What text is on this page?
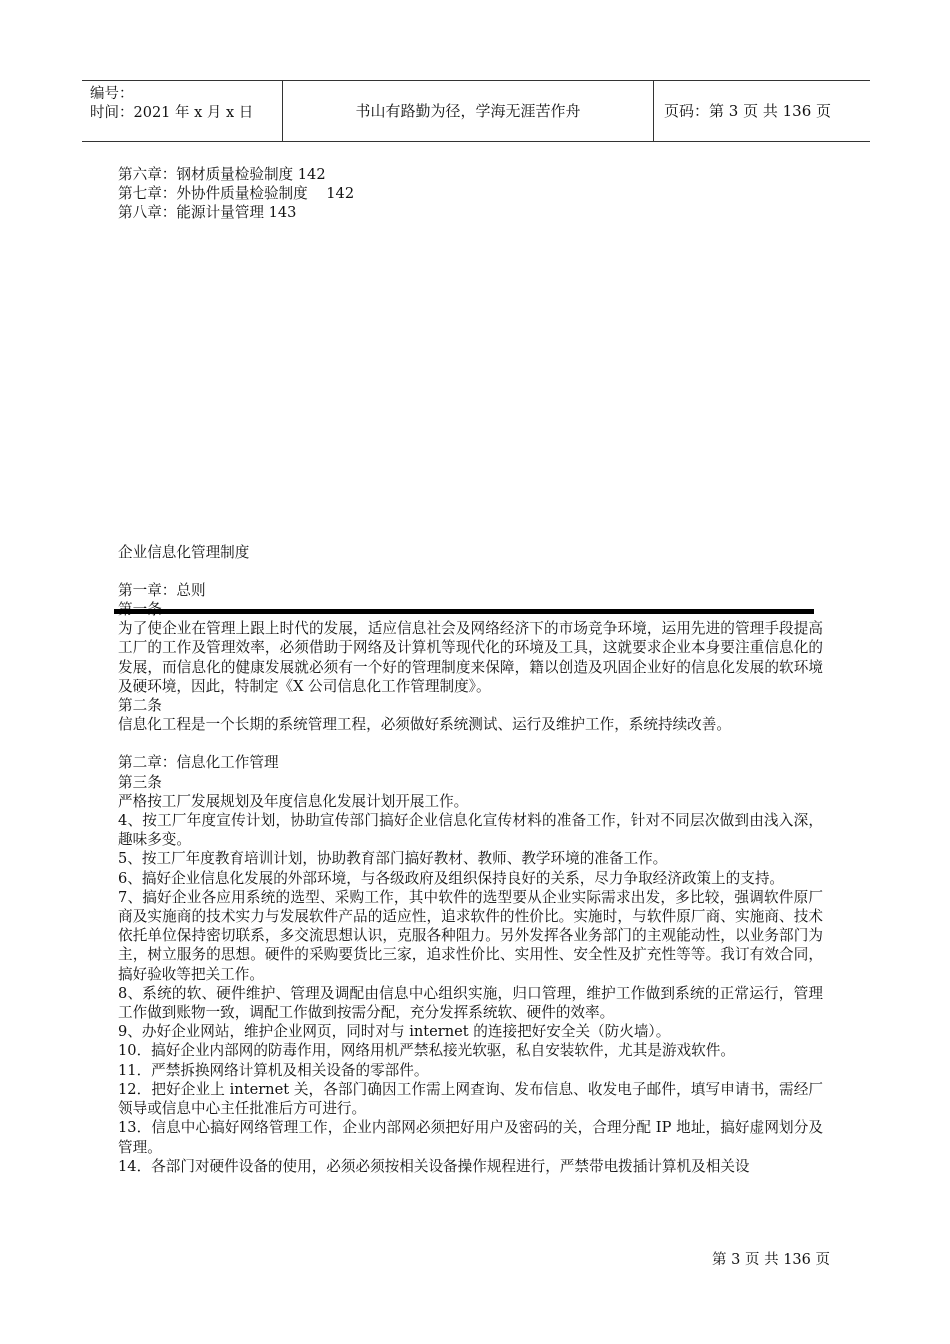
编号：
时间：2021 年 x 月 x 日	书山有路勤为径，学海无涯苦作舟	页码：第 3 页 共 136 页
第六章：钢材质量检验制度 142
第七章：外协件质量检验制度    142
第八章：能源计量管理 143
企业信息化管理制度
第一章：总则
为了使企业在管理上跟上时代的发展，适应信息社会及网络经济下的市场竞争环境，运用先进的管理手段提高工厂的工作及管理效率，必须借助于网络及计算机等现代化的环境及工具，这就要求企业本身要注重信息化的发展，而信息化的健康发展就必须有一个好的管理制度来保障，籍以创造及巩固企业好的信息化发展的软环境及硬环境，因此，特制定《X 公司信息化工作管理制度》。
第二条
信息化工程是一个长期的系统管理工程，必须做好系统测试、运行及维护工作，系统持续改善。
第二章：信息化工作管理
第三条
严格按工厂发展规划及年度信息化发展计划开展工作。
4、按工厂年度宣传计划，协助宣传部门搞好企业信息化宣传材料的准备工作，针对不同层次做到由浅入深，趣味多变。
5、按工厂年度教育培训计划，协助教育部门搞好教材、教师、教学环境的准备工作。
6、搞好企业信息化发展的外部环境，与各级政府及组织保持良好的关系，尽力争取经济政策上的支持。
7、搞好企业各应用系统的选型、采购工作，其中软件的选型要从企业实际需求出发，多比较，强调软件原厂商及实施商的技术实力与发展软件产品的适应性，追求软件的性价比。实施时，与软件原厂商、实施商、技术依托单位保持密切联系，多交流思想认识，克服各种阻力。另外发挥各业务部门的主观能动性，以业务部门为主，树立服务的思想。硬件的采购要货比三家，追求性价比、实用性、安全性及扩充性等等。我订有效合同，搞好验收等把关工作。
8、系统的软、硬件维护、管理及调配由信息中心组织实施，归口管理，维护工作做到系统的正常运行，管理工作做到账物一致，调配工作做到按需分配，充分发挥系统软、硬件的效率。
9、办好企业网站，维护企业网页，同时对与 internet 的连接把好安全关（防火墙）。
10．搞好企业内部网的防毒作用，网络用机严禁私接光软驱，私自安装软件，尤其是游戏软件。
11．严禁拆换网络计算机及相关设备的零部件。
12．把好企业上 internet 关，各部门确因工作需上网查询、发布信息、收发电子邮件，填写申请书，需经厂领导或信息中心主任批准后方可进行。
13．信息中心搞好网络管理工作，企业内部网必须把好用户及密码的关，合理分配 IP 地址，搞好虚网划分及管理。
14．各部门对硬件设备的使用，必须必须按相关设备操作规程进行，严禁带电拨插计算机及相关设
第 3 页 共 136 页
